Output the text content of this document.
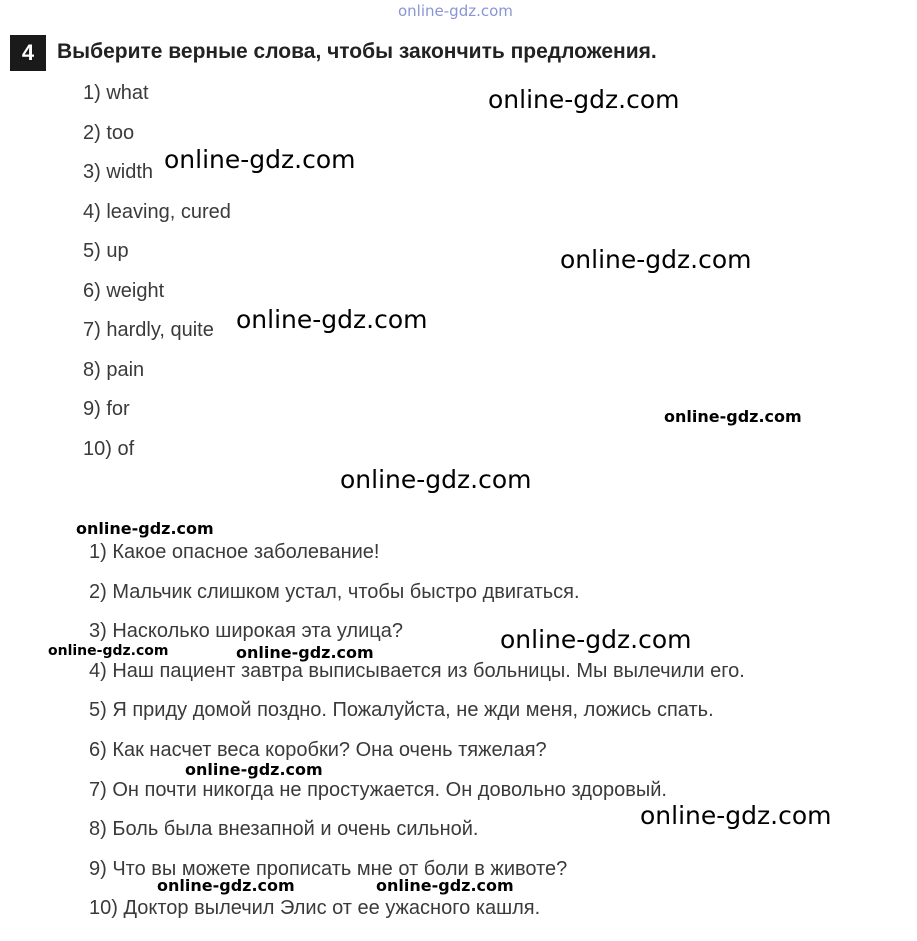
online-gdz.com
4	Выберите верные слова, чтобы закончить предложения.
1) what
2) too
3) width
4) leaving, cured
5) up
6) weight
7) hardly, quite
8) pain
9) for
10) of
1) Какое опасное заболевание!
2) Мальчик слишком устал, чтобы быстро двигаться.
3) Насколько широкая эта улица?
4) Наш пациент завтра выписывается из больницы. Мы вылечили его.
5) Я приду домой поздно. Пожалуйста, не жди меня, ложись спать.
6) Как насчет веса коробки? Она очень тяжелая?
7) Он почти никогда не простужается. Он довольно здоровый.
8) Боль была внезапной и очень сильной.
9) Что вы можете прописать мне от боли в животе?
10) Доктор вылечил Элис от ее ужасного кашля.
online-gdz.com
online-gdz.com
online-gdz.com
online-gdz.com
online-gdz.com
online-gdz.com
online-gdz.com
online-gdz.com
online-gdz.com	online-gdz.com
online-gdz.com
online-gdz.com
online-gdz.com	online-gdz.com
